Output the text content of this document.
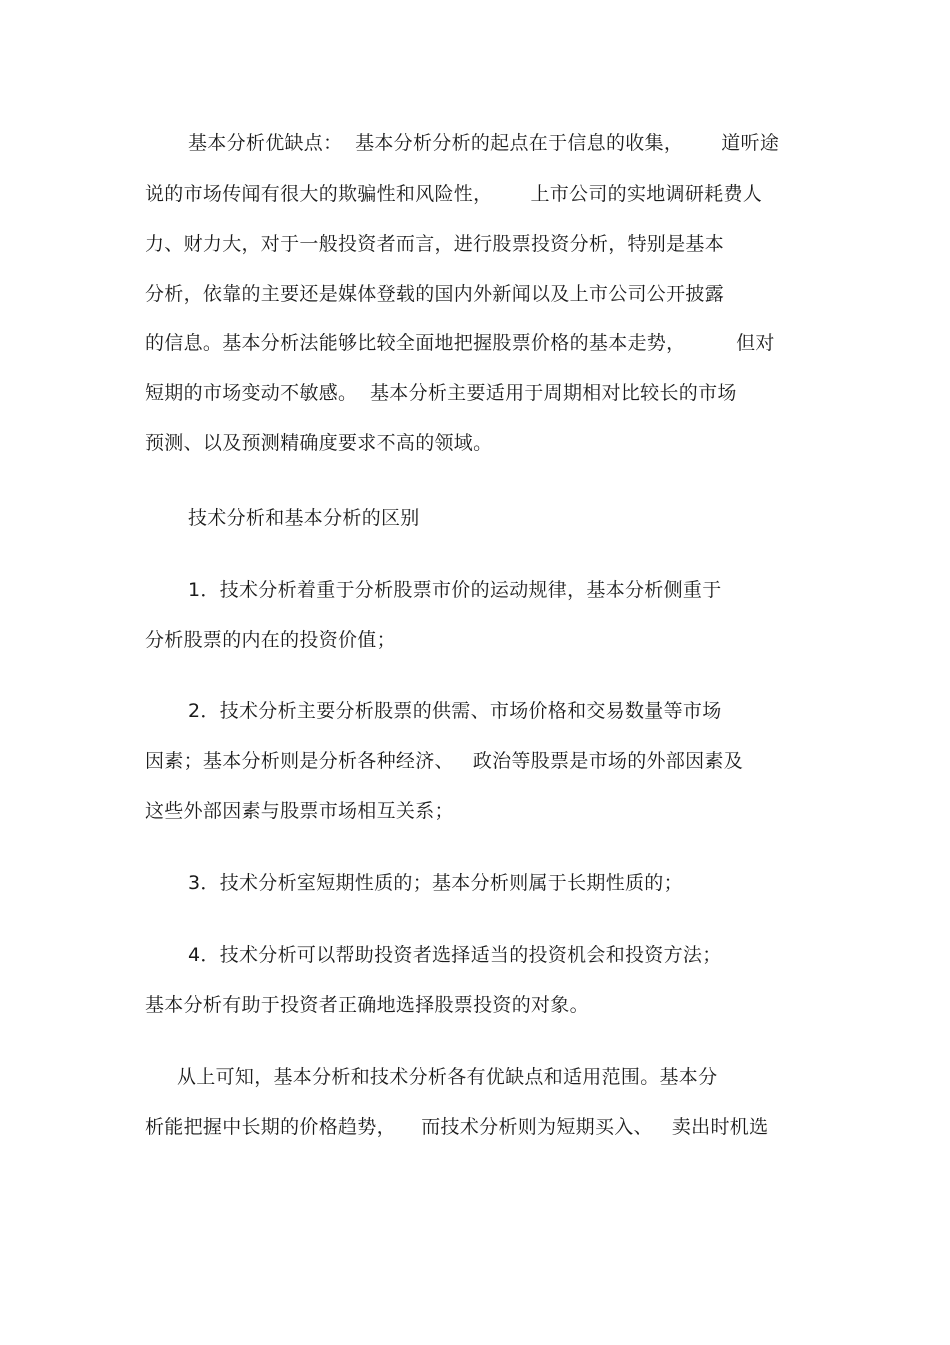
基本分析优缺点：  基本分析分析的起点在于信息的收集，      道听途
说的市场传闻有很大的欺骗性和风险性，      上市公司的实地调研耗费人
力、财力大，对于一般投资者而言，进行股票投资分析，特别是基本
分析，依靠的主要还是媒体登载的国内外新闻以及上市公司公开披露
的信息。基本分析法能够比较全面地把握股票价格的基本走势，        但对
短期的市场变动不敏感。  基本分析主要适用于周期相对比较长的市场
预测、以及预测精确度要求不高的领域。
技术分析和基本分析的区别
1．技术分析着重于分析股票市价的运动规律，基本分析侧重于
分析股票的内在的投资价值；
2．技术分析主要分析股票的供需、市场价格和交易数量等市场
因素；基本分析则是分析各种经济、   政治等股票是市场的外部因素及
这些外部因素与股票市场相互关系；
3．技术分析室短期性质的；基本分析则属于长期性质的；
4．技术分析可以帮助投资者选择适当的投资机会和投资方法；
基本分析有助于投资者正确地选择股票投资的对象。
从上可知，基本分析和技术分析各有优缺点和适用范围。基本分
析能把握中长期的价格趋势，    而技术分析则为短期买入、   卖出时机选
